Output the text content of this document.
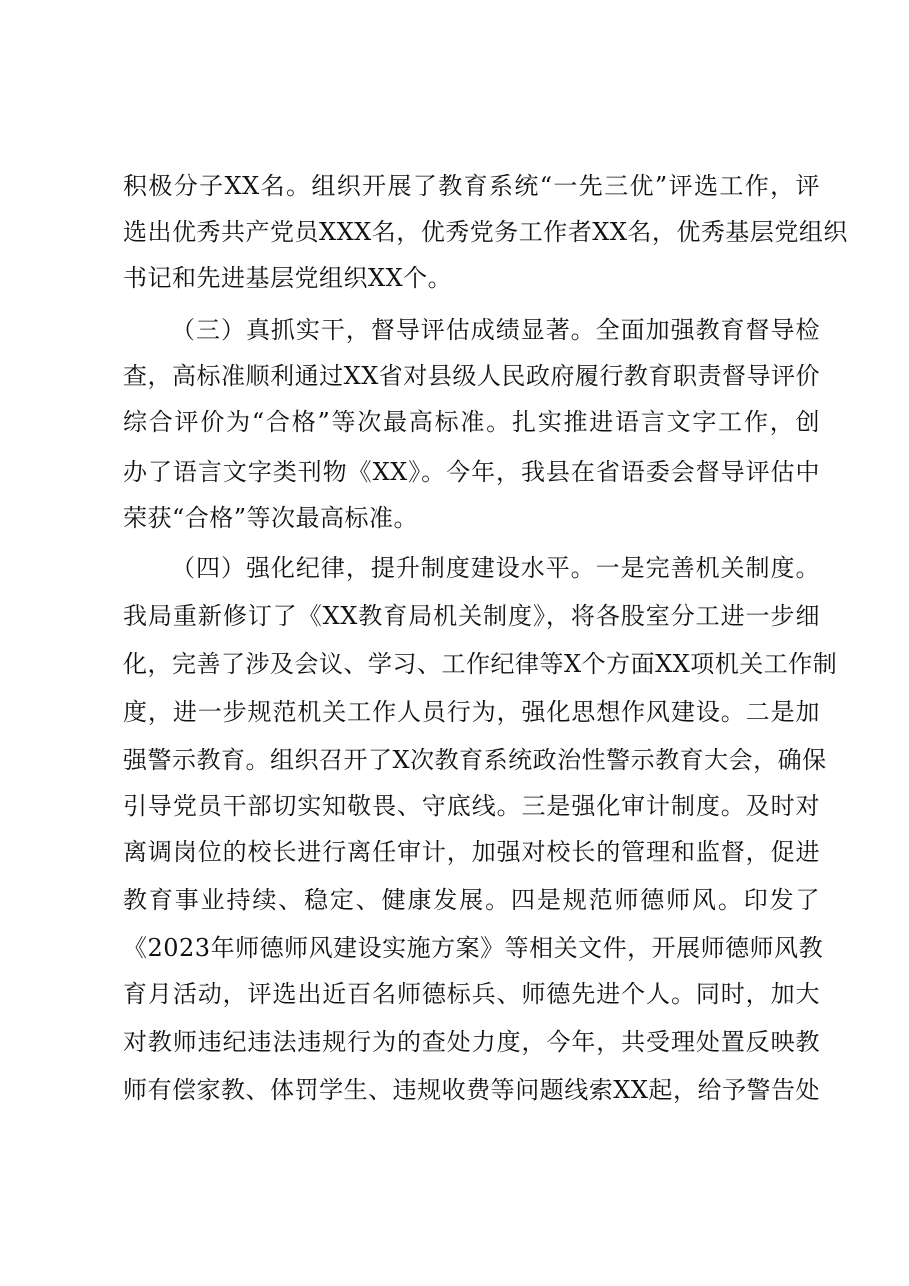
积极分子XX名。组织开展了教育系统“一先三优”评选工作，评
选出优秀共产党员XXX名，优秀党务工作者XX名，优秀基层党组织
书记和先进基层党组织XX个。
（三）真抓实干，督导评估成绩显著。全面加强教育督导检
查，高标准顺利通过XX省对县级人民政府履行教育职责督导评价
综合评价为“合格”等次最高标准。扎实推进语言文字工作，创
办了语言文字类刊物《XX》。今年，我县在省语委会督导评估中
荣获“合格”等次最高标准。
（四）强化纪律，提升制度建设水平。一是完善机关制度。
我局重新修订了《XX教育局机关制度》，将各股室分工进一步细
化，完善了涉及会议、学习、工作纪律等X个方面XX项机关工作制
度，进一步规范机关工作人员行为，强化思想作风建设。二是加
强警示教育。组织召开了X次教育系统政治性警示教育大会，确保
引导党员干部切实知敬畏、守底线。三是强化审计制度。及时对
离调岗位的校长进行离任审计，加强对校长的管理和监督，促进
教育事业持续、稳定、健康发展。四是规范师德师风。印发了
《2023年师德师风建设实施方案》等相关文件，开展师德师风教
育月活动，评选出近百名师德标兵、师德先进个人。同时，加大
对教师违纪违法违规行为的查处力度，今年，共受理处置反映教
师有偿家教、体罚学生、违规收费等问题线索XX起，给予警告处
